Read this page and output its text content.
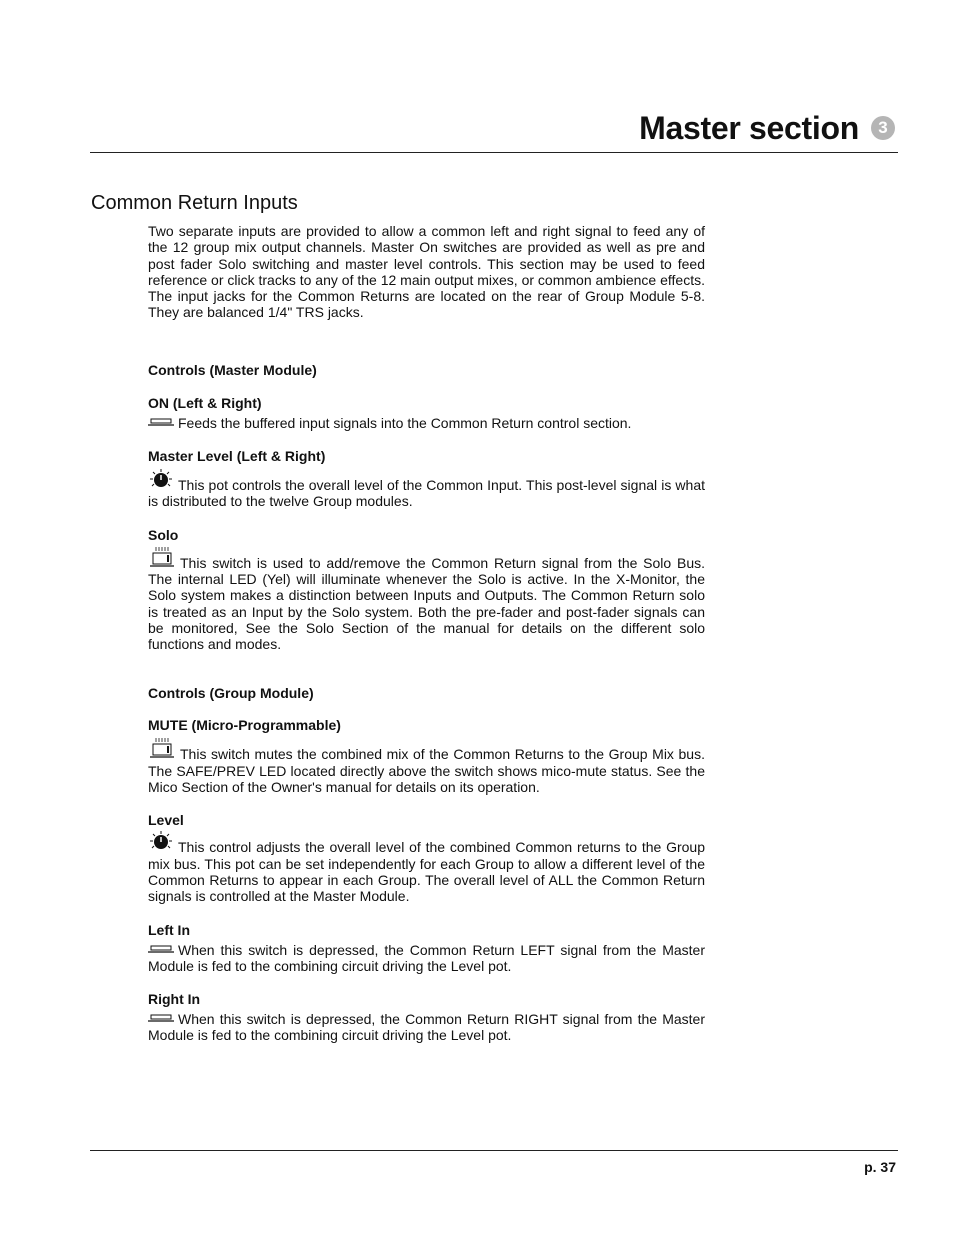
Master section	3
Common Return Inputs

Two separate inputs are provided to allow a common left and right signal to feed any of the 12 group mix output channels. Master On switches are provided as well as pre and post fader Solo switching and master level controls. This section may be used to feed reference or click tracks to any of the 12 main output mixes, or common ambience effects. The input jacks for the Common Returns are located on the rear of Group Module 5-8. They are balanced 1/4" TRS jacks.

Controls (Master Module)
ON (Left & Right)

Feeds the buffered input signals into the Common Return control section.

Master Level (Left & Right)

This pot controls the overall level of the Common Input. This post-level signal is what is distributed to the twelve Group modules.

Solo

This switch is used to add/remove the Common Return signal from the Solo Bus. The internal LED (Yel) will illuminate whenever the Solo is active. In the X-Monitor, the Solo system makes a distinction between Inputs and Outputs. The Common Return solo is treated as an Input by the Solo system. Both the pre-fader and post-fader signals can be monitored, See the Solo Section of the manual for details on the different solo functions and modes.

Controls (Group Module)
MUTE (Micro-Programmable)

This switch mutes the combined mix of the Common Returns to the Group Mix bus. The SAFE/PREV LED located directly above the switch shows mico-mute status. See the Mico Section of the Owner's manual for details on its operation.

Level

This control adjusts the overall level of the combined Common returns to the Group mix bus. This pot can be set independently for each Group to allow a different level of the Common Returns to appear in each Group. The overall level of ALL the Common Return signals is controlled at the Master Module.

Left In

When this switch is depressed, the Common Return LEFT signal from the Master Module is fed to the combining circuit driving the Level pot.

Right In

When this switch is depressed, the Common Return RIGHT signal from the Master Module is fed to the combining circuit driving the Level pot.

p. 37
